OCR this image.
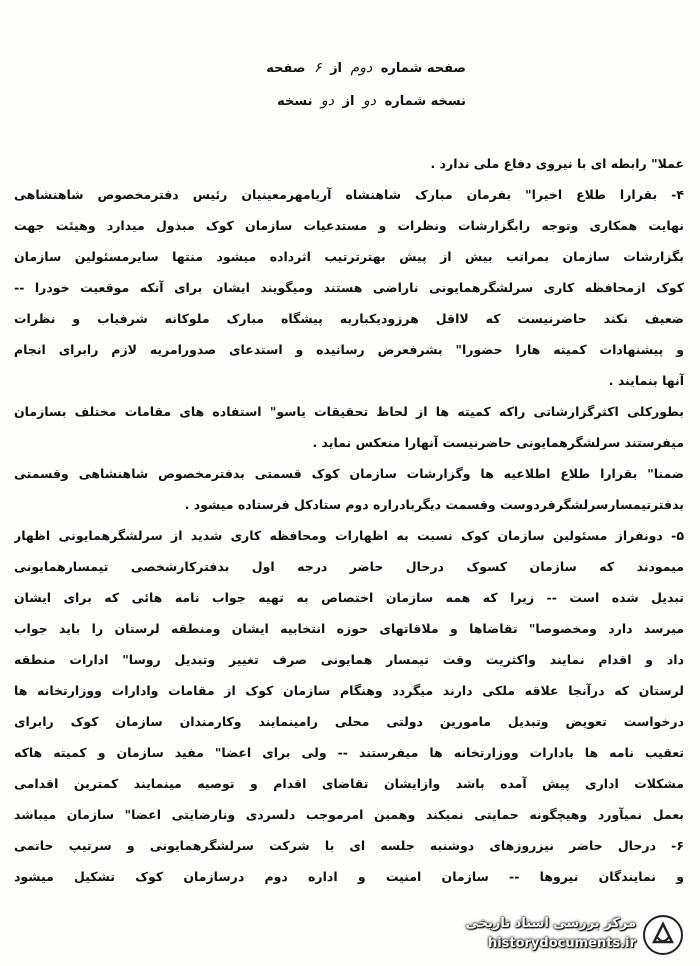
صفحه شماره دوم از ۶ صفحه
نسخه شماره دو از دو نسخه
عملا" رابطه ای با نیروی دفاع ملی ندارد .
۴- بقرارا طلاع اخیرا" بفرمان مبارک شاهنشاه آریامهرمعینیان رئیس دفترمخصوص شاهنشاهی
نهایت همکاری وتوجه رابگزارشات ونظرات و مستدعیات سازمان کوک مبذول میدارد وهیئت جهت
بگزارشات سازمان بمراتب بیش از پیش بهترترتیب اثرداده میشود منتها سایرمسئولین سازمان
کوک ازمحافظه کاری سرلشگرهمایونی ناراضی هستند ومیگویند ایشان برای آنکه موقعیت خودرا --
ضعیف نکند حاضرنیست که لااقل هرزودیکباربه پیشگاه مبارک ملوکانه شرفیاب و نظرات
و پیشنهادات کمیته هارا حضورا" بشرفعرض رسانیده و استدعای صدورامریه لازم رابرای انجام
آنها بنمایند .
بطورکلی اکثرگزارشاتی راکه کمیته ها از لحاظ تحقیقات یاسو" استفاده های مقامات مختلف بسازمان
میفرستند سرلشگرهمایونی حاضرنیست آنهارا منعکس نماید .
ضمنا" بقرارا طلاع اطلاعیه ها وگزارشات سازمان کوک قسمتی بدفترمخصوص شاهنشاهی وقسمتی
بدفترتیمسارسرلشگرفردوست وقسمت دیگربادراره دوم ستادکل فرستاده میشود .
۵- دونفراز مسئولین سازمان کوک نسبت به اظهارات ومحافظه کاری شدید از سرلشگرهمایونی اظهار
میمودند که سازمان کسوک درحال حاضر درجه اول بدفترکارشخصی تیمسارهمایونی
تبدیل شده است -- زیرا که همه سازمان اختصاص به تهیه جواب نامه هائی که برای ایشان
میرسد دارد ومخصوصا" تقاضاها و ملاقاتهای حوزه انتخابیه ایشان ومنطقه لرستان را باید جواب
داد و اقدام نمایند واکثریت وقت تیمسار همایونی صرف تغییر وتبدیل روسا" ادارات منطقه
لرستان که درآنجا علاقه ملکی دارند میگردد وهنگام سازمان کوک از مقامات وادارات ووزارتخانه ها
درخواست تعویض وتبدیل مامورین دولتی محلی رامینمایند وکارمندان سازمان کوک رابرای
تعقیب نامه ها بادارات ووزارتخانه ها میفرستند -- ولی برای اعضا" مفید سازمان و کمیته هاکه
مشکلات اداری پیش آمده باشد وازایشان تقاضای اقدام و توصیه مینمایند کمترین اقدامی
بعمل نمیآورد وهیچگونه حمایتی نمیکند وهمین امرموجب دلسردی ونارضایتی اعضا" سازمان میباشد
۶- درحال حاضر نیزروزهای دوشنبه جلسه ای با شرکت سرلشگرهمایونی و سرتیپ حاتمی
و نمایندگان نیروها -- سازمان امنیت و اداره دوم درسازمان کوک تشکیل میشود
مرکز بررسی اسناد تاریخی
historydocuments.ir
